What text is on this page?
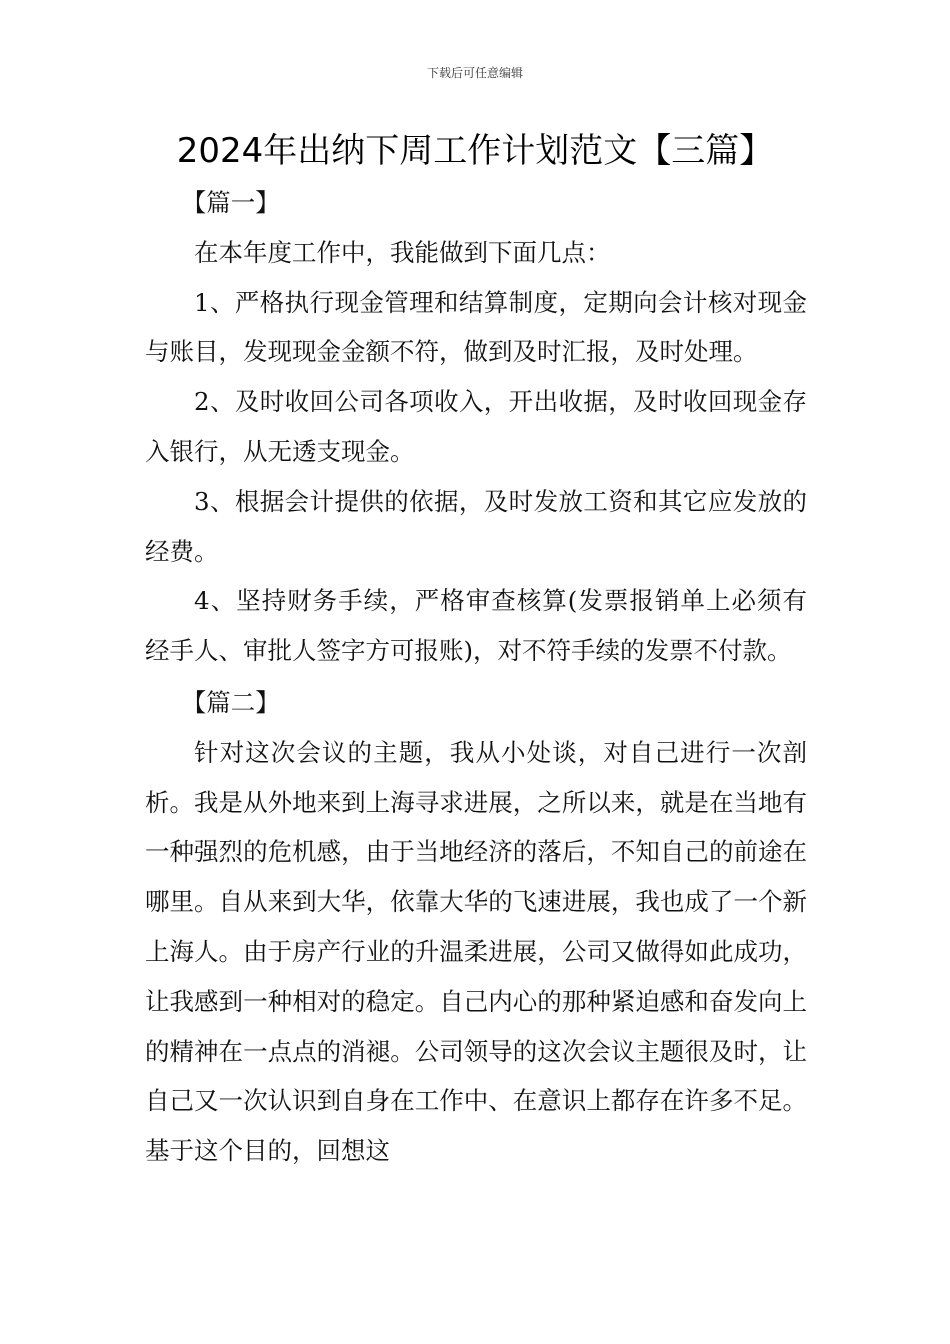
下载后可任意编辑
2024年出纳下周工作计划范文【三篇】

【篇一】

在本年度工作中，我能做到下面几点：

1、严格执行现金管理和结算制度，定期向会计核对现金与账目，发现现金金额不符，做到及时汇报，及时处理。

2、及时收回公司各项收入，开出收据，及时收回现金存入银行，从无透支现金。

3、根据会计提供的依据，及时发放工资和其它应发放的经费。

4、坚持财务手续，严格审查核算(发票报销单上必须有经手人、审批人签字方可报账)，对不符手续的发票不付款。

【篇二】

针对这次会议的主题，我从小处谈，对自己进行一次剖析。我是从外地来到上海寻求进展，之所以来，就是在当地有一种强烈的危机感，由于当地经济的落后，不知自己的前途在哪里。自从来到大华，依靠大华的飞速进展，我也成了一个新上海人。由于房产行业的升温柔进展，公司又做得如此成功，让我感到一种相对的稳定。自己内心的那种紧迫感和奋发向上的精神在一点点的消褪。公司领导的这次会议主题很及时，让自己又一次认识到自身在工作中、在意识上都存在许多不足。基于这个目的，回想这
